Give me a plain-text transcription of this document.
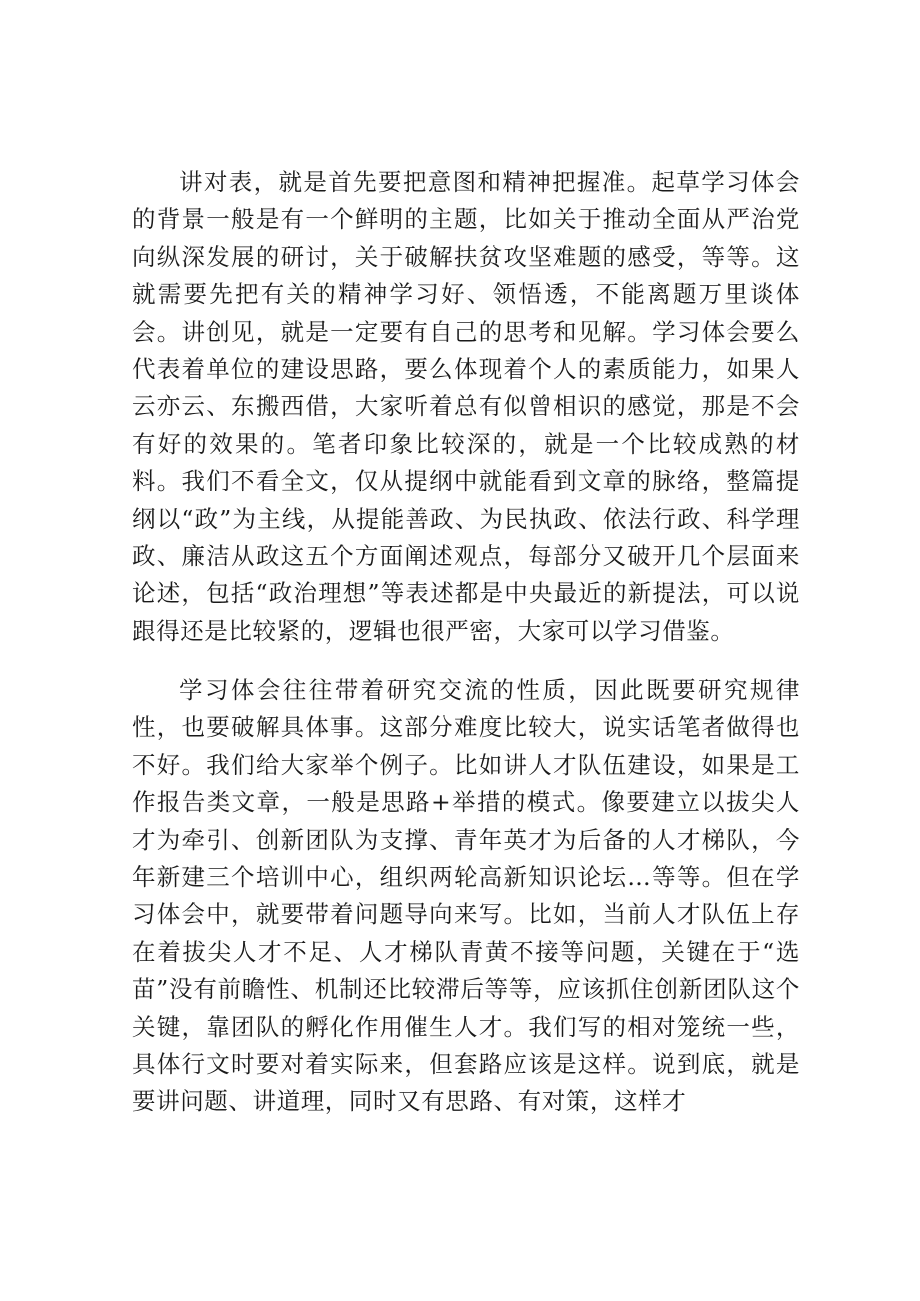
讲对表，就是首先要把意图和精神把握准。起草学习体会的背景一般是有一个鲜明的主题，比如关于推动全面从严治党向纵深发展的研讨，关于破解扶贫攻坚难题的感受，等等。这就需要先把有关的精神学习好、领悟透，不能离题万里谈体会。讲创见，就是一定要有自己的思考和见解。学习体会要么代表着单位的建设思路，要么体现着个人的素质能力，如果人云亦云、东搬西借，大家听着总有似曾相识的感觉，那是不会有好的效果的。笔者印象比较深的，就是一个比较成熟的材料。我们不看全文，仅从提纲中就能看到文章的脉络，整篇提纲以“政”为主线，从提能善政、为民执政、依法行政、科学理政、廉洁从政这五个方面阐述观点，每部分又破开几个层面来论述，包括“政治理想”等表述都是中央最近的新提法，可以说跟得还是比较紧的，逻辑也很严密，大家可以学习借鉴。

学习体会往往带着研究交流的性质，因此既要研究规律性，也要破解具体事。这部分难度比较大，说实话笔者做得也不好。我们给大家举个例子。比如讲人才队伍建设，如果是工作报告类文章，一般是思路+举措的模式。像要建立以拔尖人才为牵引、创新团队为支撑、青年英才为后备的人才梯队，今年新建三个培训中心，组织两轮高新知识论坛…等等。但在学习体会中，就要带着问题导向来写。比如，当前人才队伍上存在着拔尖人才不足、人才梯队青黄不接等问题，关键在于“选苗”没有前瞻性、机制还比较滞后等等，应该抓住创新团队这个关键，靠团队的孵化作用催生人才。我们写的相对笼统一些，具体行文时要对着实际来，但套路应该是这样。说到底，就是要讲问题、讲道理，同时又有思路、有对策，这样才
